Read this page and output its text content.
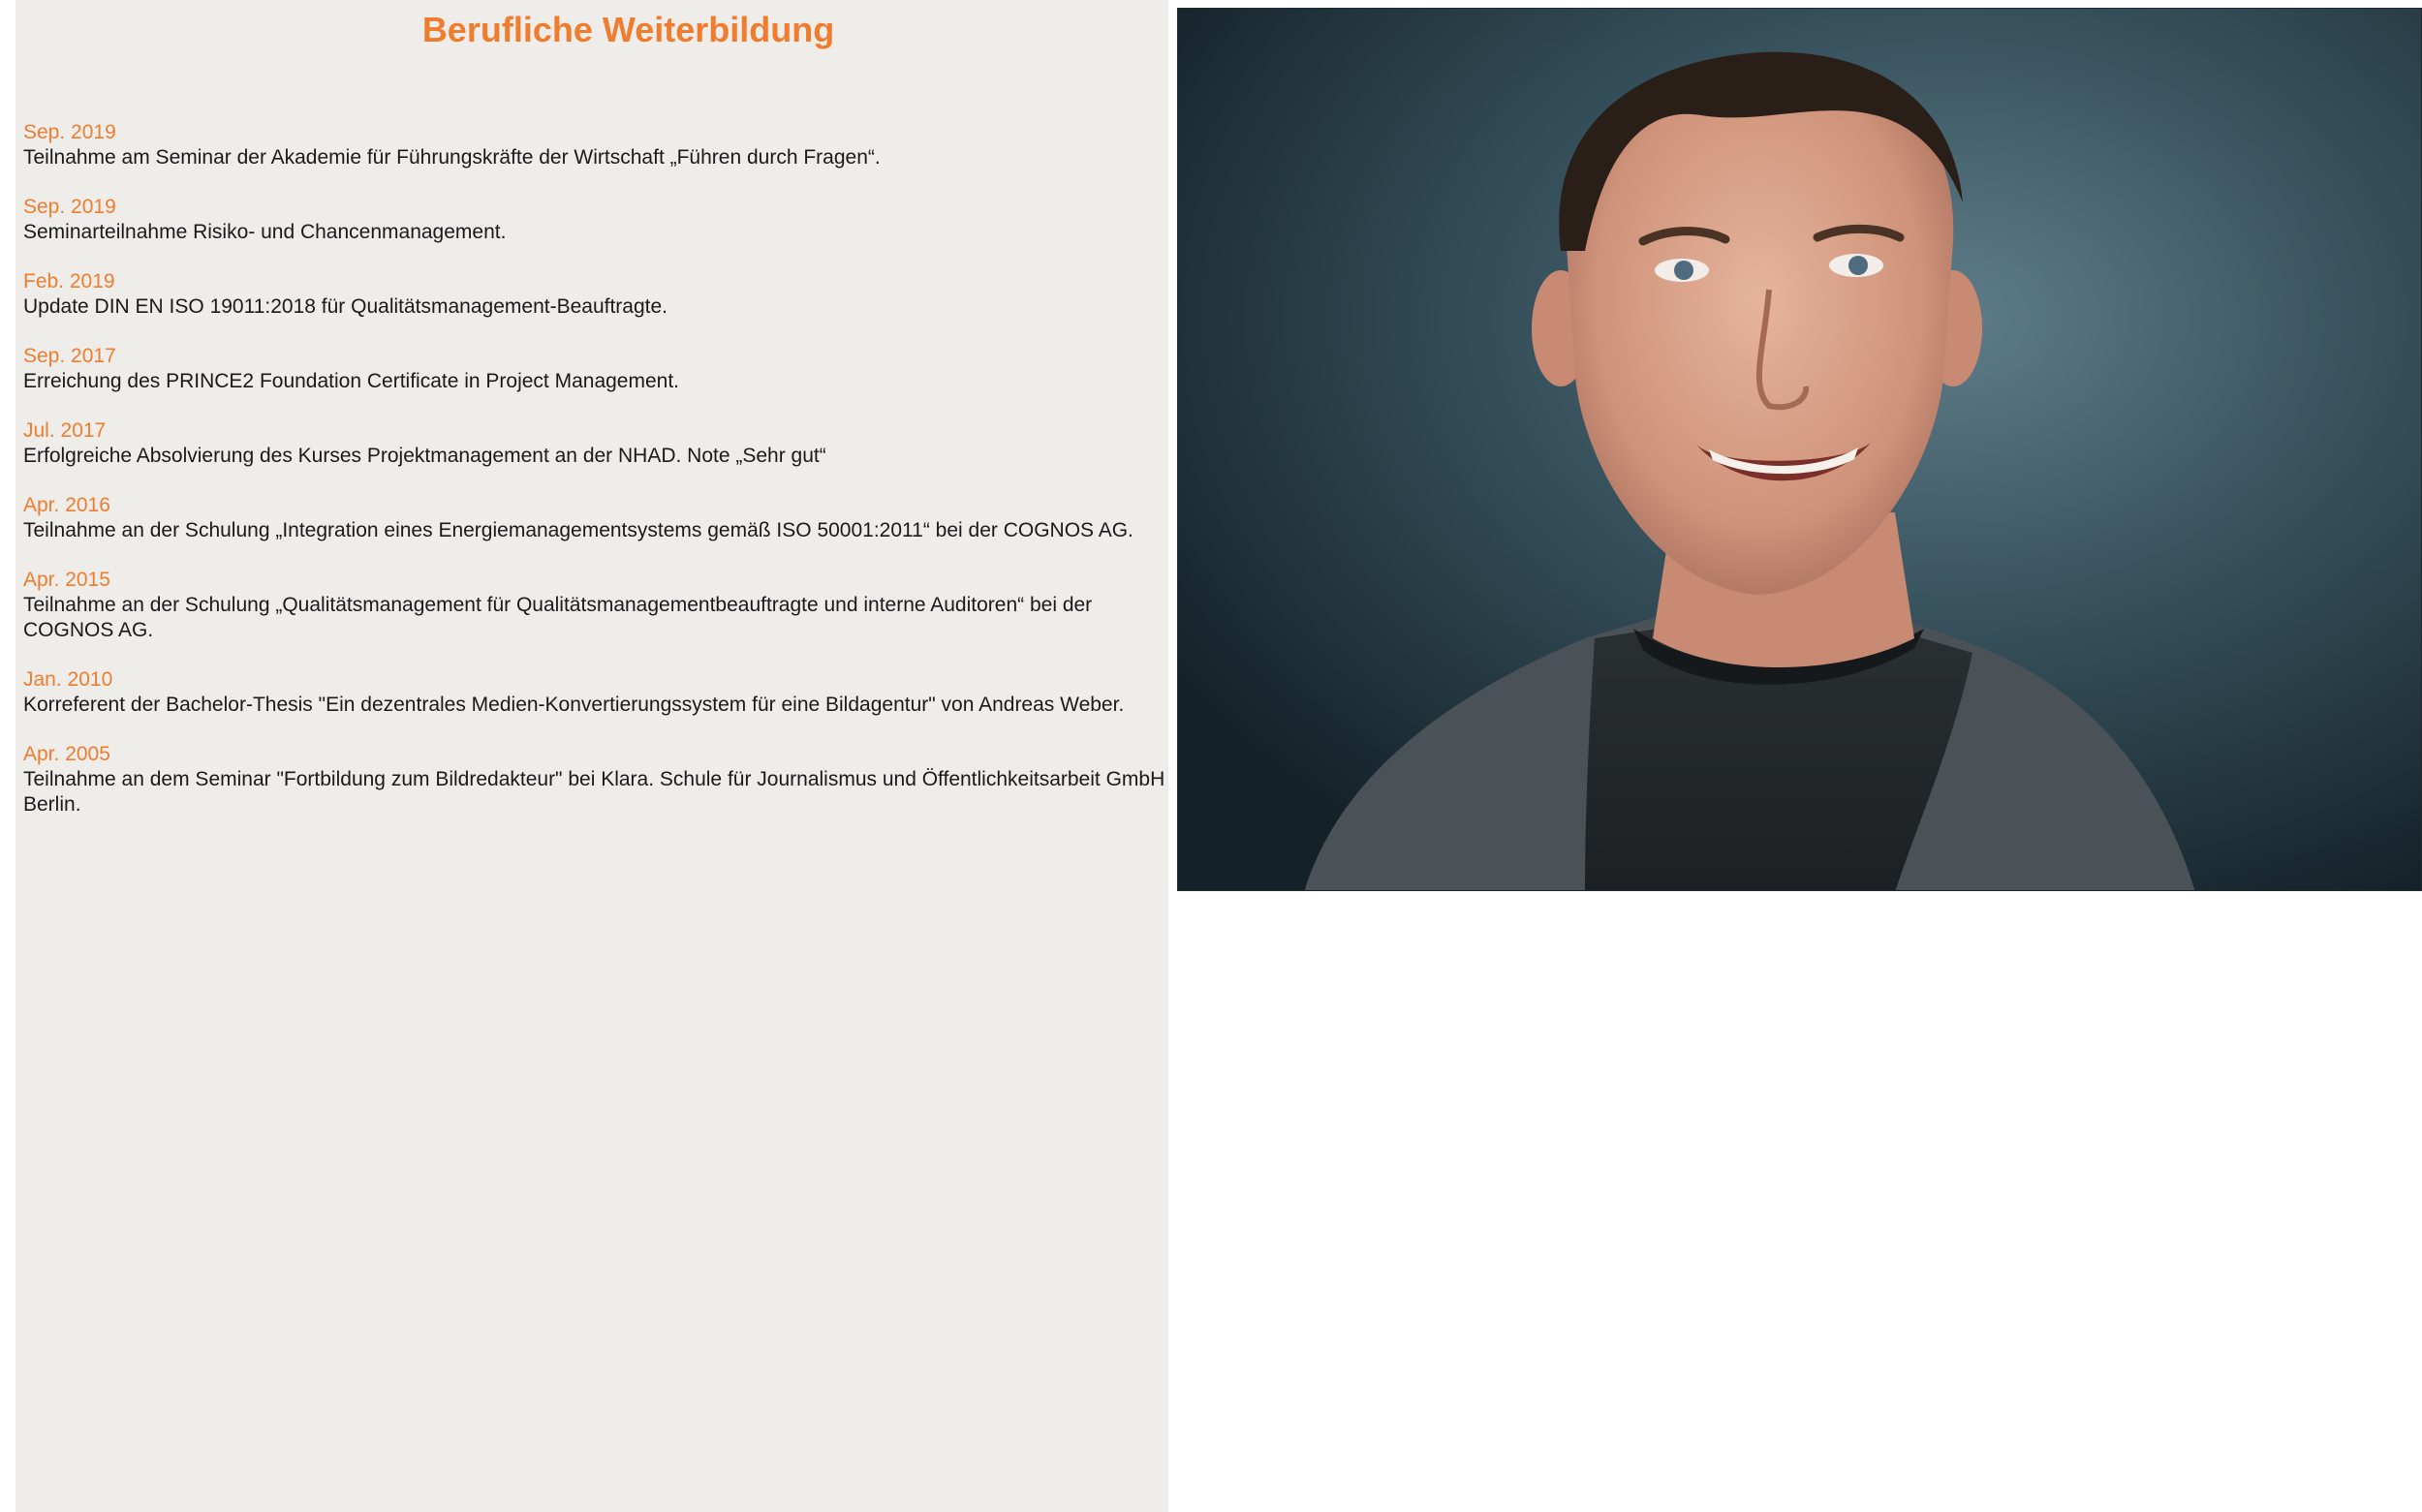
Berufliche Weiterbildung
Sep. 2019
Teilnahme am Seminar der Akademie für Führungskräfte der Wirtschaft „Führen durch Fragen“.
Sep. 2019
Seminarteilnahme Risiko- und Chancenmanagement.
Feb. 2019
Update DIN EN ISO 19011:2018 für Qualitätsmanagement-Beauftragte.
Sep. 2017
Erreichung des PRINCE2 Foundation Certificate in Project Management.
Jul. 2017
Erfolgreiche Absolvierung des Kurses Projektmanagement an der NHAD. Note „Sehr gut“
Apr. 2016
Teilnahme an der Schulung „Integration eines Energiemanagementsystems gemäß ISO 50001:2011“ bei der COGNOS AG.
Apr. 2015
Teilnahme an der Schulung „Qualitätsmanagement für Qualitätsmanagementbeauftragte und interne Auditoren“ bei der COGNOS AG.
Jan. 2010
Korreferent der Bachelor-Thesis "Ein dezentrales Medien-Konvertierungssystem für eine Bildagentur" von Andreas Weber.
Apr. 2005
Teilnahme an dem Seminar "Fortbildung zum Bildredakteur" bei Klara. Schule für Journalismus und Öffentlichkeitsarbeit GmbH Berlin.
